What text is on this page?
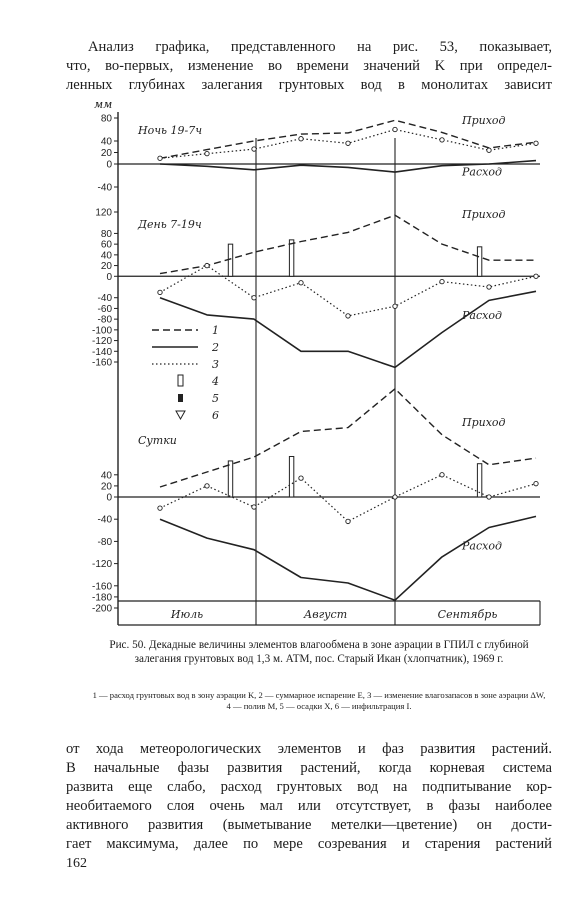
Анализ графика, представленного на рис. 53, показывает,
что, во-первых, изменение во времени значений K при определ-
ленных глубинах залегания грунтовых вод в монолитах зависит
мм
Июль	Август	Сентябрь
80
40
20
0
-40
Ночь 19-7ч
Приход
Расход
120
80
60
40
20
0
-40
-60
-80
-100
-120
-140
-160
День 7-19ч
Приход
Расход
40
20
0
-40
-80
-120
-160
-180
-200
Сутки
Приход
Расход
1
2
3
4
5
6
Рис. 50. Декадные величины элементов влагообмена в зоне аэрации в ГПИЛ с глубиной залегания грунтовых вод 1,3 м. АТМ, пос. Старый Икан (хлопчатник), 1969 г.
1 — расход грунтовых вод в зону аэрации K, 2 — суммарное испарение E, 3 — изменение влагозапасов в зоне аэрации ΔW, 4 — полив M, 5 — осадки X, 6 — инфильтрация I.
от хода метеорологических элементов и фаз развития растений.
В начальные фазы развития растений, когда корневая система
развита еще слабо, расход грунтовых вод на подпитывание кор-
необитаемого слоя очень мал или отсутствует, в фазы наиболее
активного развития (выметывание метелки—цветение) он дости-
гает максимума, далее по мере созревания и старения растений
162
